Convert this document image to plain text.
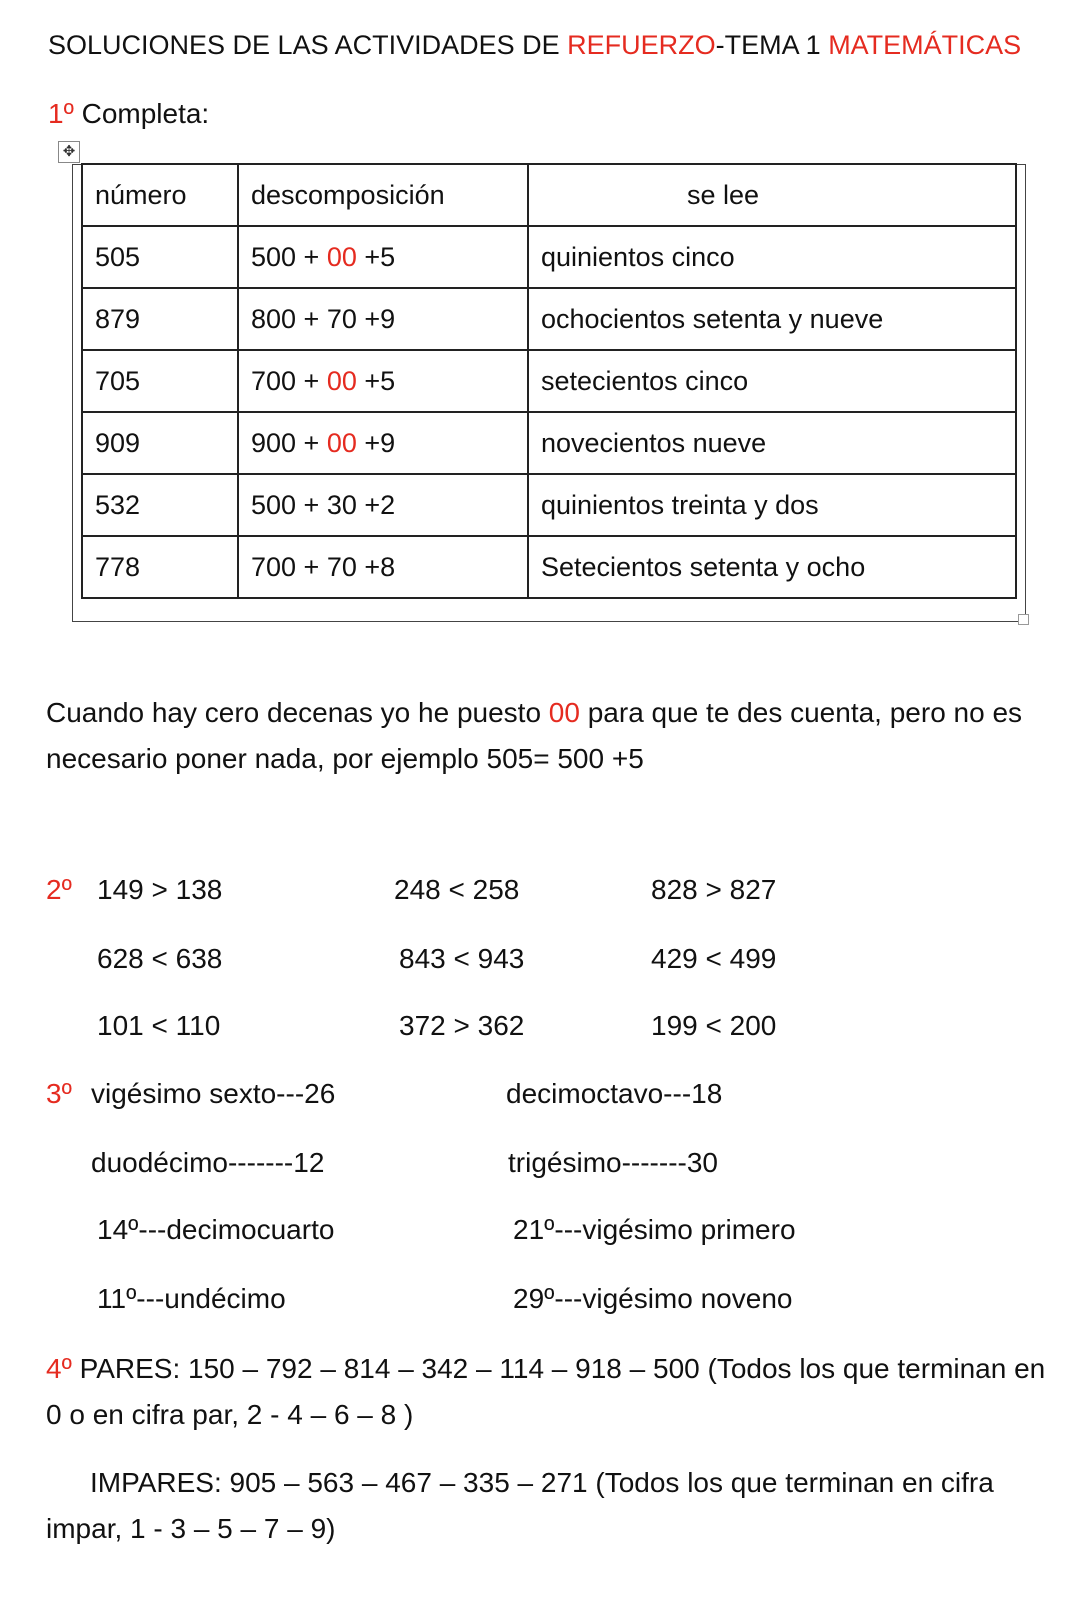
SOLUCIONES DE LAS ACTIVIDADES DE REFUERZO-TEMA 1 MATEMÁTICAS
1º Completa:
✥
número	descomposición	se lee
505	500 + 00 +5	quinientos cinco
879	800 + 70 +9	ochocientos setenta y nueve
705	700 + 00 +5	setecientos cinco
909	900 + 00 +9	novecientos nueve
532	500 + 30 +2	quinientos treinta y dos
778	700 + 70 +8	Setecientos setenta y ocho
Cuando hay cero decenas yo he puesto 00 para que te des cuenta, pero no es necesario poner nada, por ejemplo 505= 500 +5
2º 149 > 138	248 < 258	828 > 827
628 < 638	843 < 943	429 < 499
101 < 110	372 > 362	199 < 200
3º vigésimo sexto---26	decimoctavo---18
duodécimo-------12	trigésimo-------30
14º---decimocuarto	21º---vigésimo primero
11º---undécimo	29º---vigésimo noveno
4º PARES: 150 – 792 – 814 – 342 – 114 – 918 – 500 (Todos los que terminan en 0 o en cifra par, 2 - 4 – 6 – 8 )
IMPARES: 905 – 563 – 467 – 335 – 271 (Todos los que terminan en cifra impar, 1 - 3 – 5 – 7 – 9)
